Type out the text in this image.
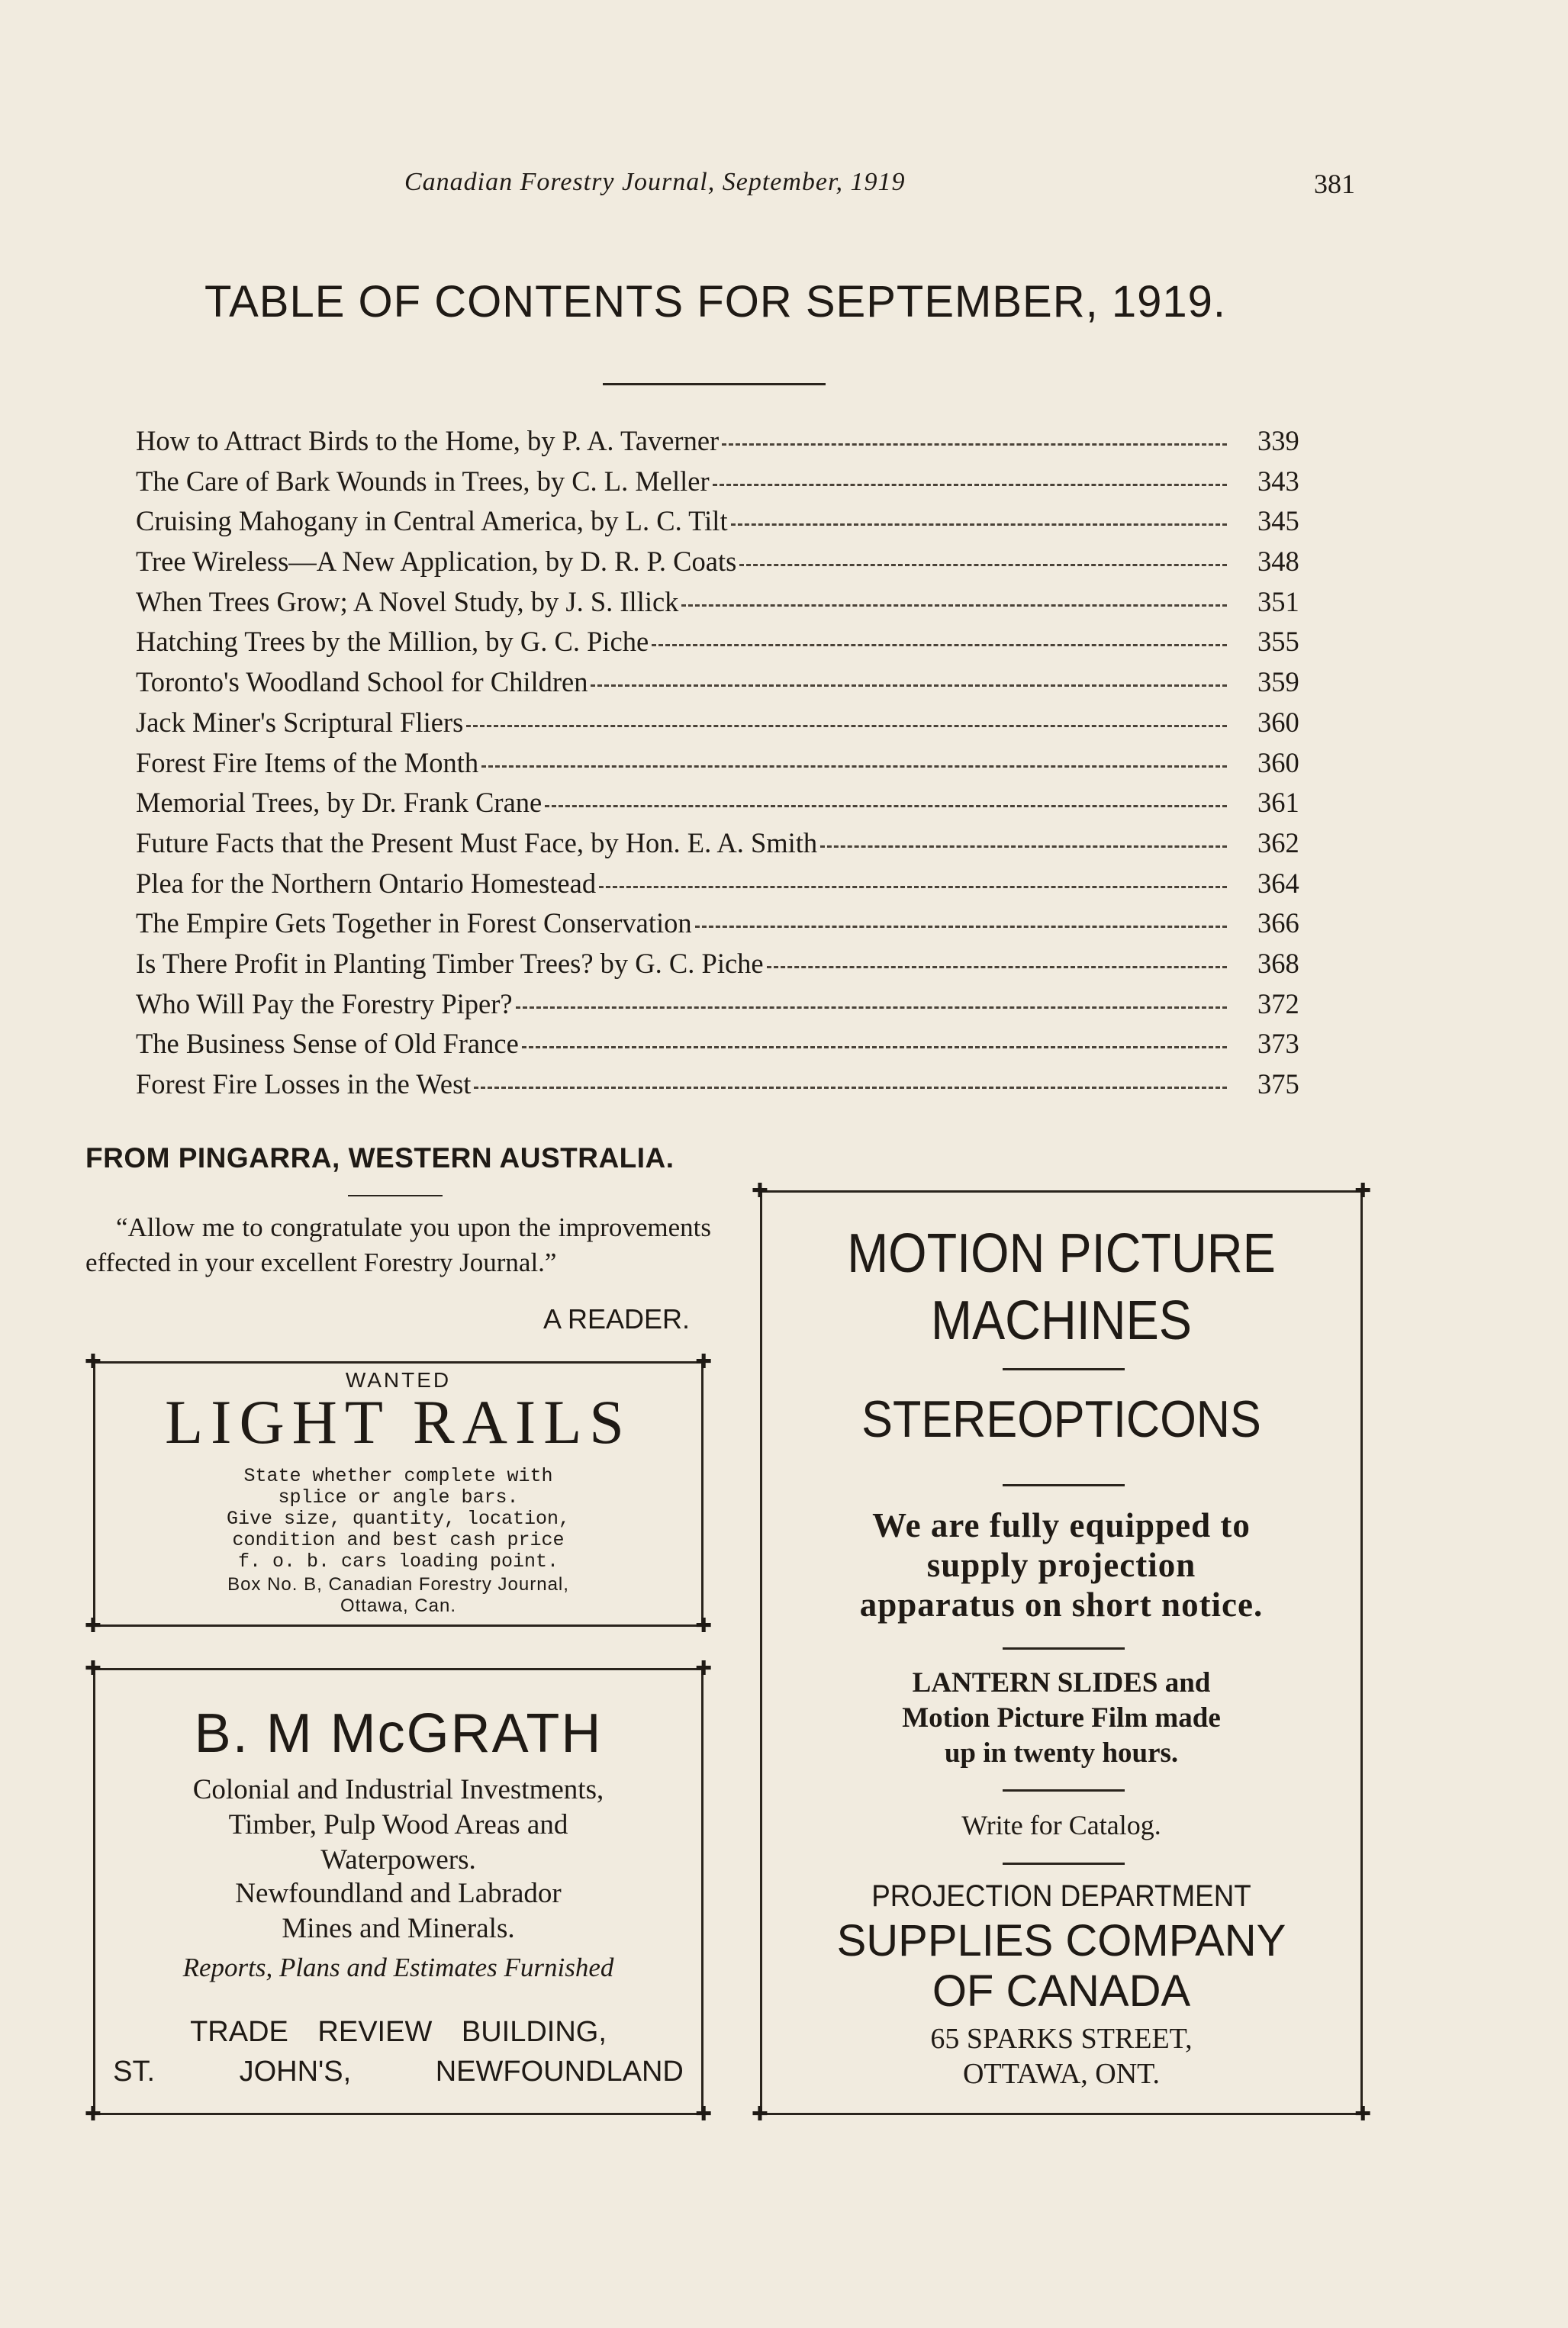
Canadian Forestry Journal, September, 1919	381
TABLE OF CONTENTS FOR SEPTEMBER, 1919.
How to Attract Birds to the Home, by P. A. Taverner	339
The Care of Bark Wounds in Trees, by C. L. Meller	343
Cruising Mahogany in Central America, by L. C. Tilt	345
Tree Wireless—A New Application, by D. R. P. Coats	348
When Trees Grow; A Novel Study, by J. S. Illick	351
Hatching Trees by the Million, by G. C. Piche	355
Toronto's Woodland School for Children	359
Jack Miner's Scriptural Fliers	360
Forest Fire Items of the Month	360
Memorial Trees, by Dr. Frank Crane	361
Future Facts that the Present Must Face, by Hon. E. A. Smith	362
Plea for the Northern Ontario Homestead	364
The Empire Gets Together in Forest Conservation	366
Is There Profit in Planting Timber Trees? by G. C. Piche	368
Who Will Pay the Forestry Piper?	372
The Business Sense of Old France	373
Forest Fire Losses in the West	375
FROM PINGARRA, WESTERN AUSTRALIA.
“Allow me to congratulate you upon the improvements effected in your excellent Forestry Journal.”
A READER.
✚	✚
✚	✚
WANTED
LIGHT RAILS
State whether complete with
splice or angle bars.
Give size, quantity, location,
condition and best cash price
f. o. b. cars loading point.
Box No. B, Canadian Forestry Journal,
Ottawa, Can.
✚	✚
✚	✚
B. M McGRATH
Colonial and Industrial Investments,
Timber, Pulp Wood Areas and
Waterpowers.
Newfoundland and Labrador
Mines and Minerals.
Reports, Plans and Estimates Furnished
TRADE REVIEW BUILDING,
ST. JOHN'S, NEWFOUNDLAND
✚	✚
✚	✚
MOTION PICTURE
MACHINES
STEREOPTICONS
We are fully equipped to
supply projection
apparatus on short notice.
LANTERN SLIDES and
Motion Picture Film made
up in twenty hours.
Write for Catalog.
PROJECTION DEPARTMENT
SUPPLIES COMPANY
OF CANADA
65 SPARKS STREET,
OTTAWA, ONT.
